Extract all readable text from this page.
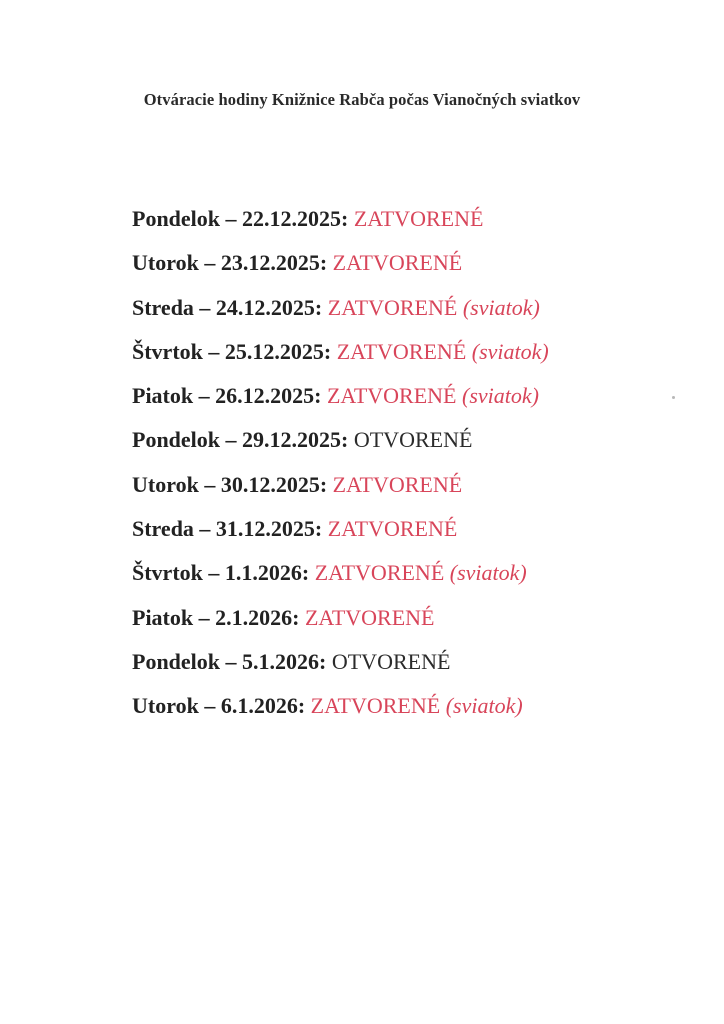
Otváracie hodiny Knižnice Rabča počas Vianočných sviatkov
Pondelok – 22.12.2025: ZATVORENÉ
Utorok – 23.12.2025: ZATVORENÉ
Streda – 24.12.2025: ZATVORENÉ (sviatok)
Štvrtok – 25.12.2025: ZATVORENÉ (sviatok)
Piatok – 26.12.2025: ZATVORENÉ (sviatok)
Pondelok – 29.12.2025: OTVORENÉ
Utorok – 30.12.2025: ZATVORENÉ
Streda – 31.12.2025: ZATVORENÉ
Štvrtok – 1.1.2026: ZATVORENÉ (sviatok)
Piatok – 2.1.2026: ZATVORENÉ
Pondelok – 5.1.2026: OTVORENÉ
Utorok – 6.1.2026: ZATVORENÉ (sviatok)
